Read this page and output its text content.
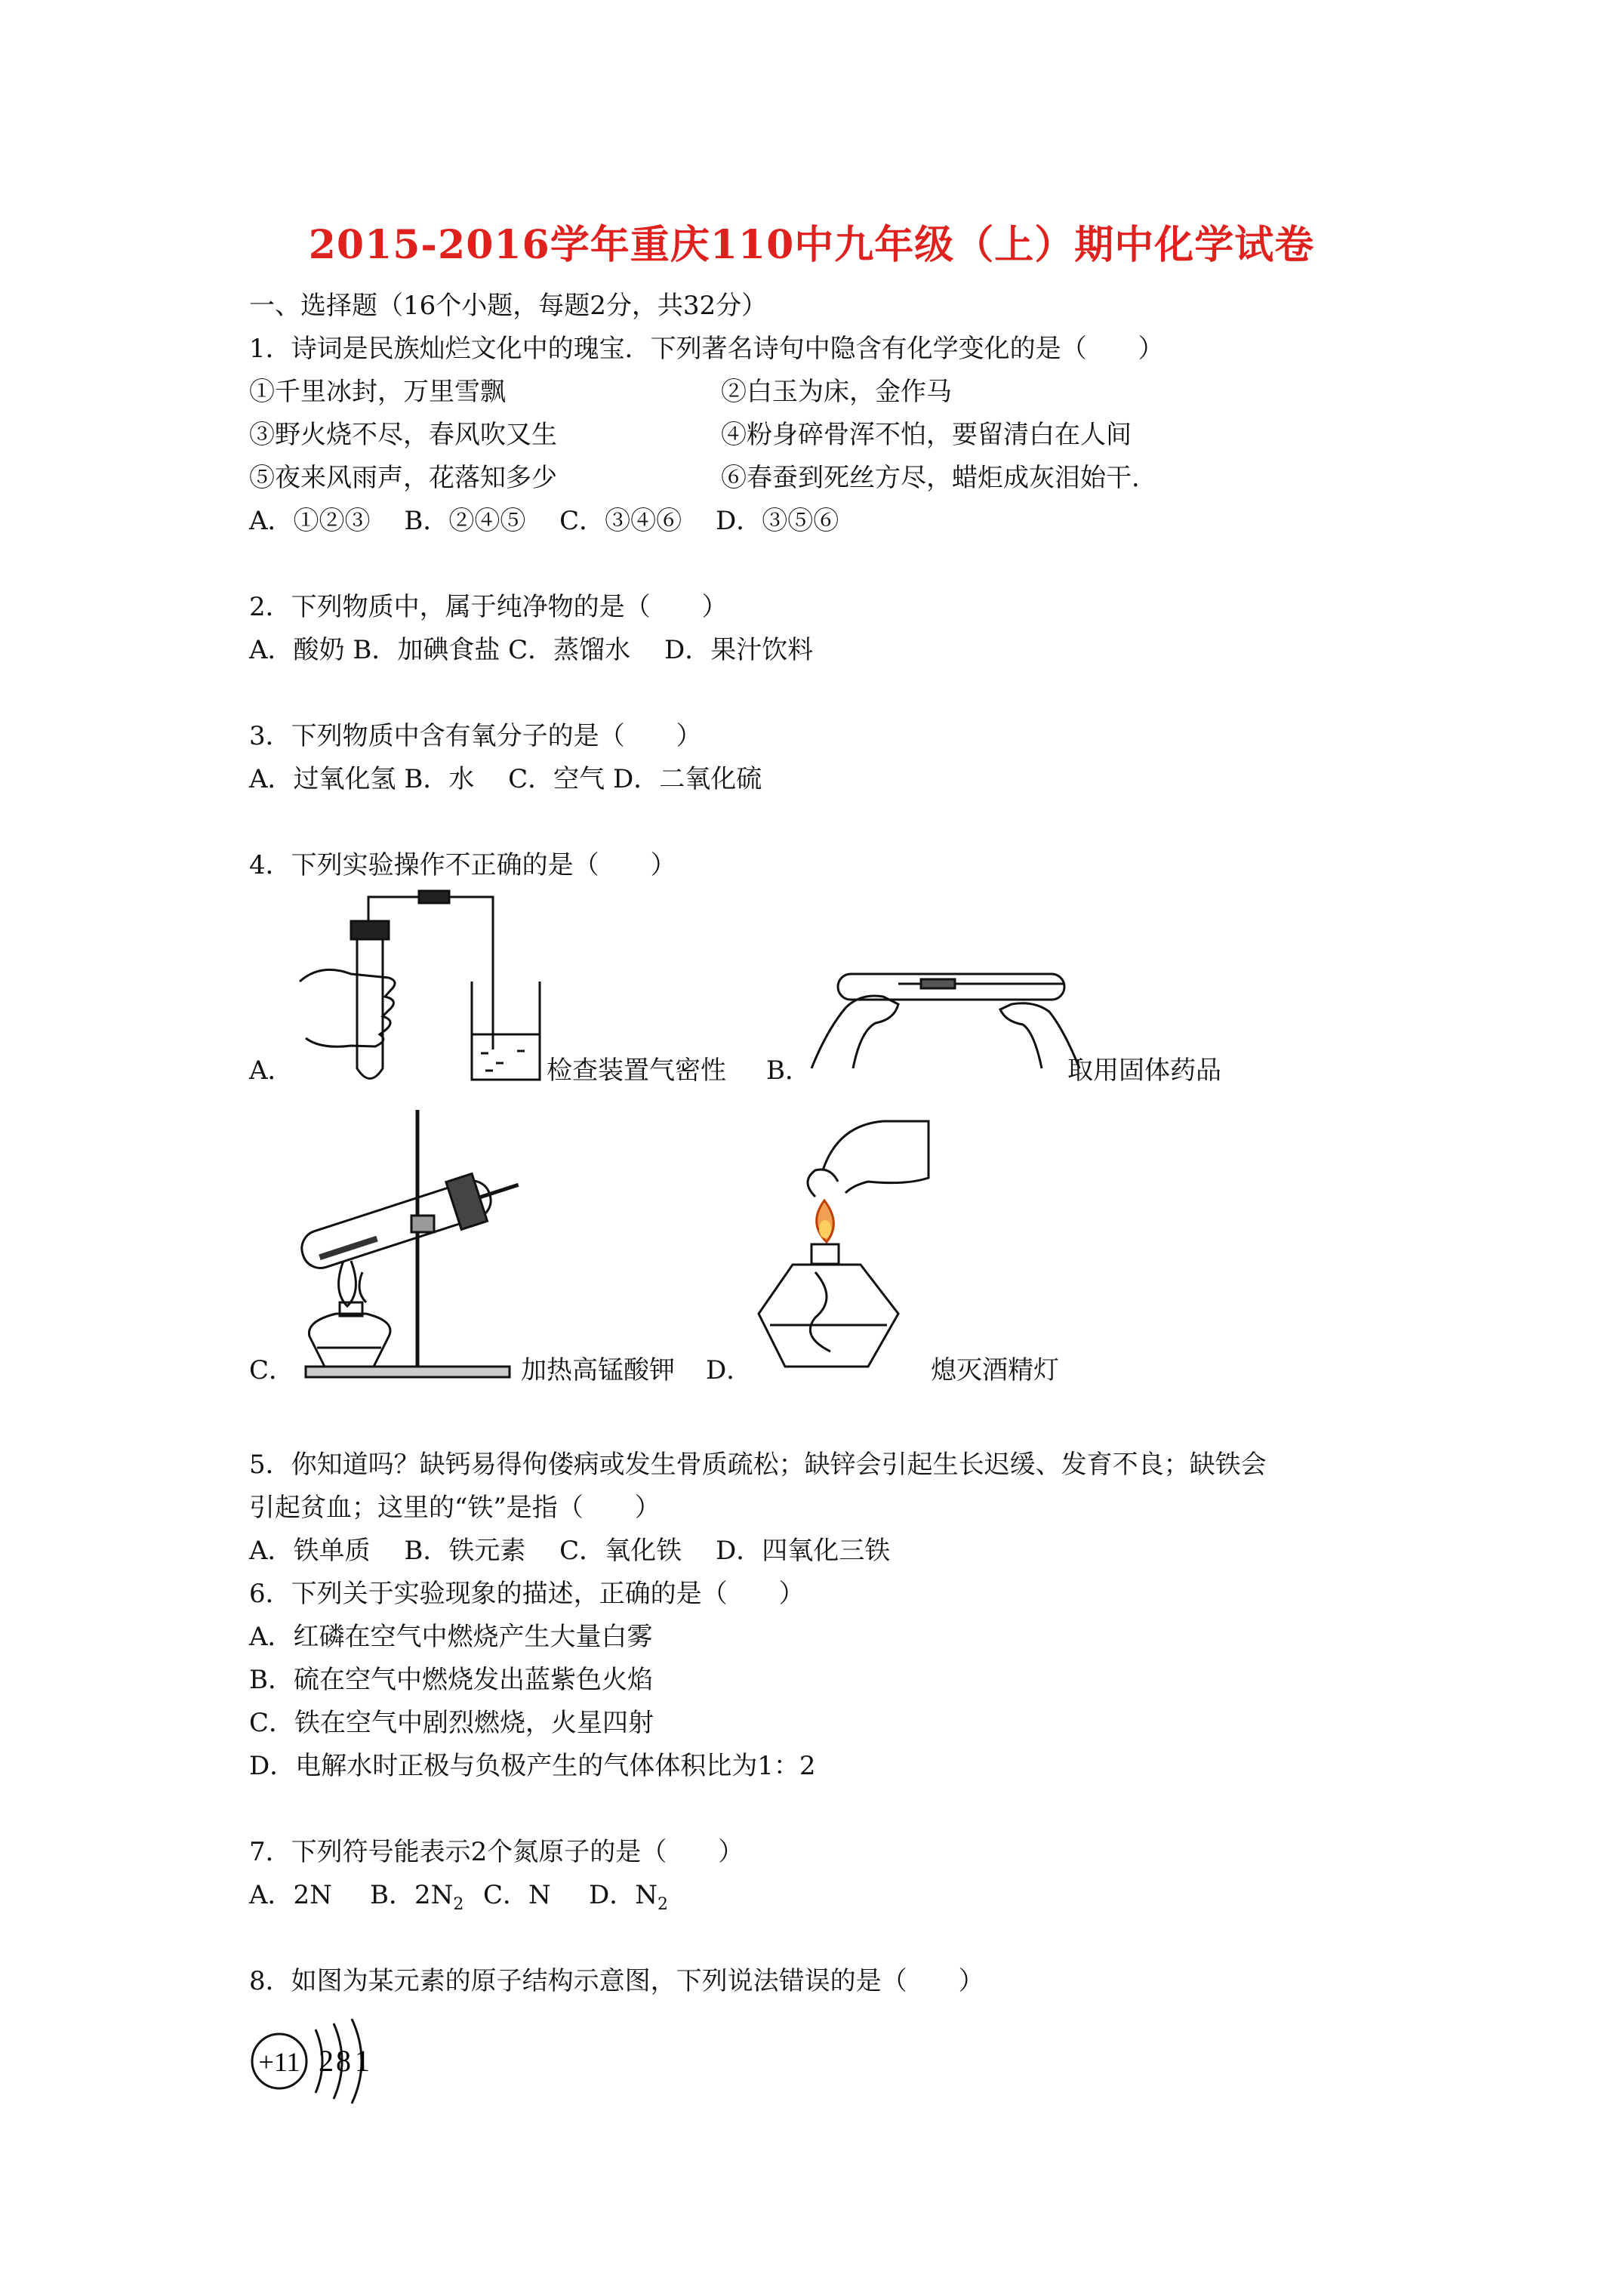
2015-2016学年重庆110中九年级（上）期中化学试卷
一、选择题（16个小题，每题2分，共32分）
1．诗词是民族灿烂文化中的瑰宝．下列著名诗句中隐含有化学变化的是（　　）
①千里冰封，万里雪飘	②白玉为床，金作马
③野火烧不尽，春风吹又生	④粉身碎骨浑不怕，要留清白在人间
⑤夜来风雨声，花落知多少	⑥春蚕到死丝方尽，蜡炬成灰泪始干．
A．①②③　 B．②④⑤　 C．③④⑥　 D．③⑤⑥
2．下列物质中，属于纯净物的是（　　）
A．酸奶 B．加碘食盐 C．蒸馏水　 D．果汁饮料
3．下列物质中含有氧分子的是（　　）
A．过氧化氢 B．水　 C．空气 D．二氧化硫
4．下列实验操作不正确的是（　　）
A．	检查装置气密性 B．	取用固体药品
C．	加热高锰酸钾 D．	熄灭酒精灯
5．你知道吗？缺钙易得佝偻病或发生骨质疏松；缺锌会引起生长迟缓、发育不良；缺铁会
引起贫血；这里的“铁”是指（　　）
A．铁单质　 B．铁元素　 C．氧化铁　 D．四氧化三铁
6．下列关于实验现象的描述，正确的是（　　）
A．红磷在空气中燃烧产生大量白雾
B．硫在空气中燃烧发出蓝紫色火焰
C．铁在空气中剧烈燃烧，火星四射
D．电解水时正极与负极产生的气体体积比为1：2
7．下列符号能表示2个氮原子的是（　　）
A．2N B．$2N_2$ C．N D．$N_2$
8．如图为某元素的原子结构示意图，下列说法错误的是（　　）
+11 2 8 1
